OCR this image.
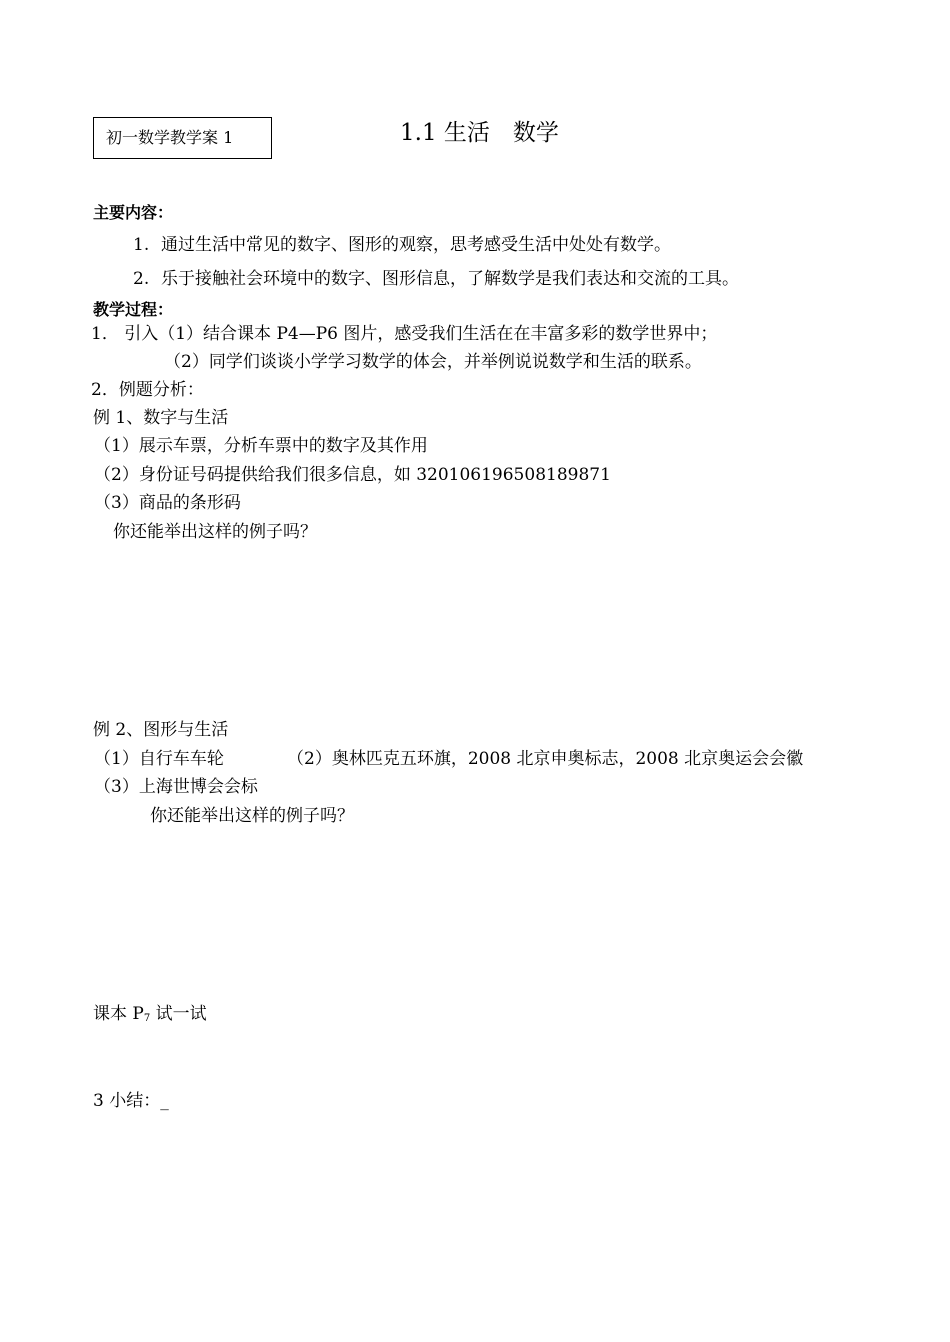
初一数学教学案 1	1.1 生活　数学
主要内容：
1. 通过生活中常见的数字、图形的观察，思考感受生活中处处有数学。
2. 乐于接触社会环境中的数字、图形信息，了解数学是我们表达和交流的工具。
教学过程：
1． 引入（1）结合课本 P4—P6 图片，感受我们生活在在丰富多彩的数学世界中；
（2）同学们谈谈小学学习数学的体会，并举例说说数学和生活的联系。
2．例题分析：
例 1、数字与生活
（1）展示车票，分析车票中的数字及其作用
（2）身份证号码提供给我们很多信息，如 320106196508189871
（3）商品的条形码
你还能举出这样的例子吗？
例 2、图形与生活
（1）自行车车轮	（2）奥林匹克五环旗，2008 北京申奥标志，2008 北京奥运会会徽
（3）上海世博会会标
你还能举出这样的例子吗？
课本 $P_7$ 试一试
3 小结：_
